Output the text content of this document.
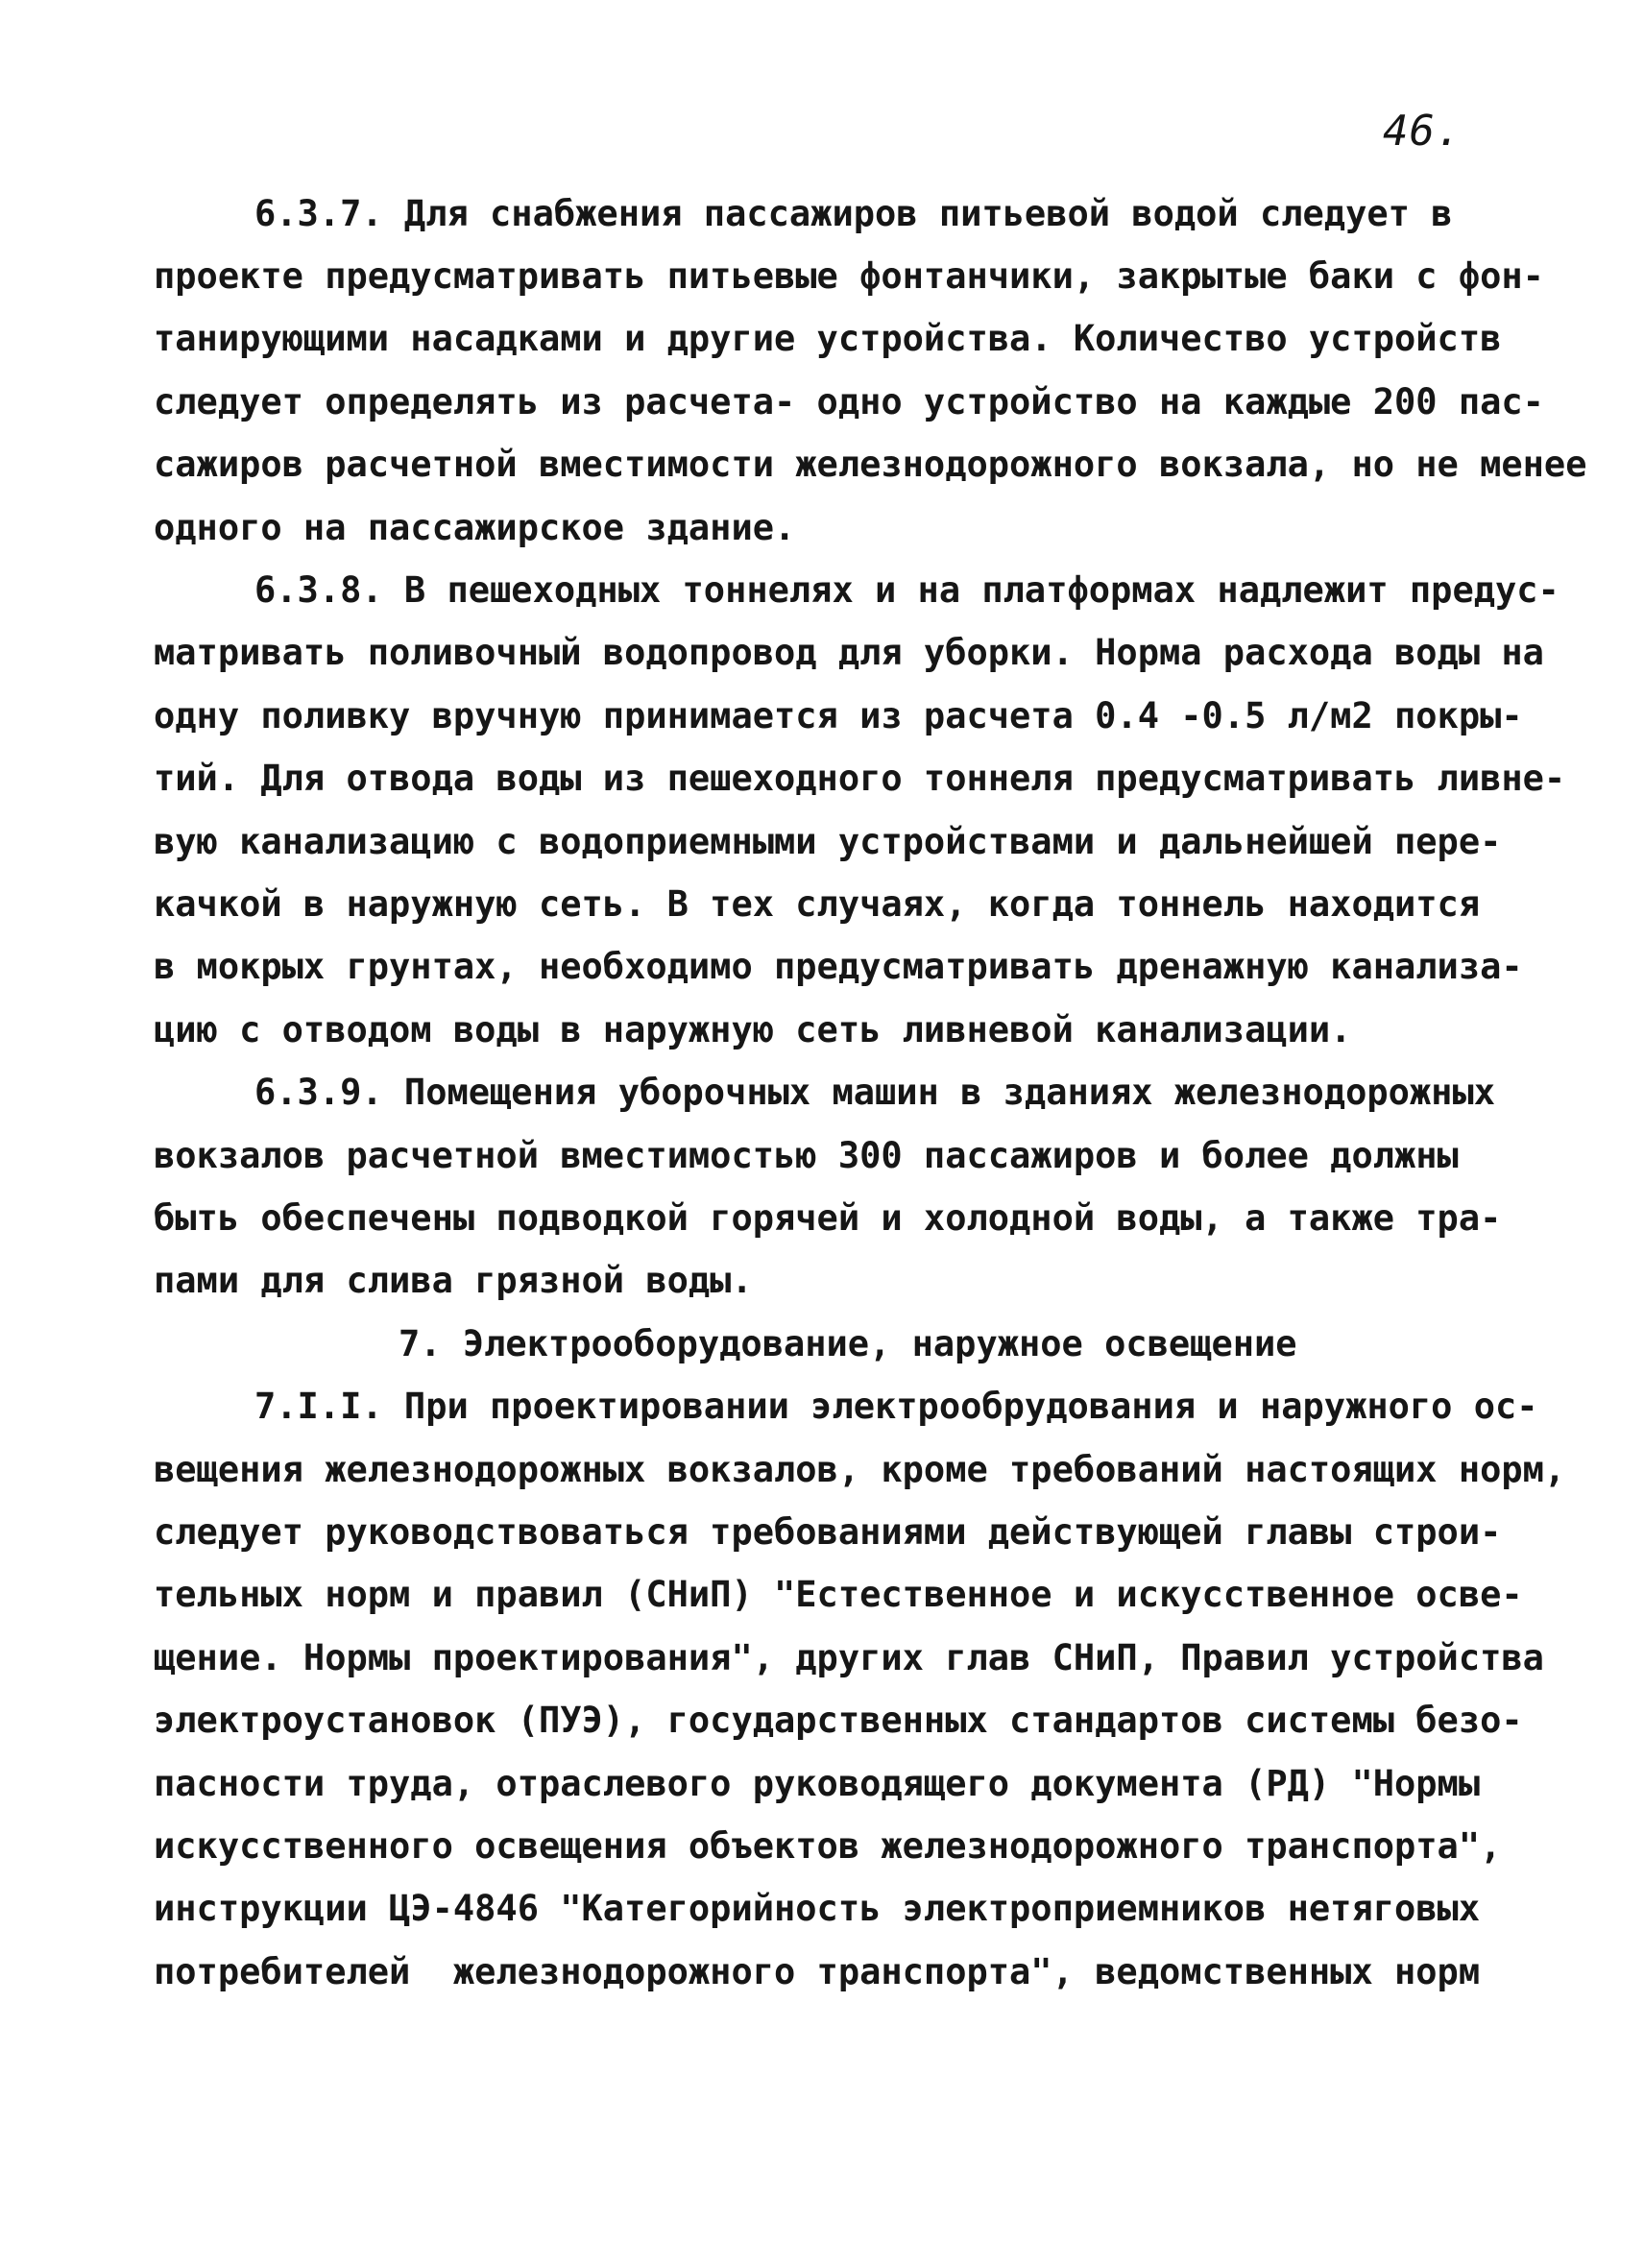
46.
6.3.7. Для снабжения пассажиров питьевой водой следует в
проекте предусматривать питьевые фонтанчики, закрытые баки с фон-
танирующими насадками и другие устройства. Количество устройств
следует определять из расчета- одно устройство на каждые 200 пас-
сажиров расчетной вместимости железнодорожного вокзала, но не менее
одного на пассажирское здание.
6.3.8. В пешеходных тоннелях и на платформах надлежит предус-
матривать поливочный водопровод для уборки. Норма расхода воды на
одну поливку вручную принимается из расчета 0.4 -0.5 л/м2 покры-
тий. Для отвода воды из пешеходного тоннеля предусматривать ливне-
вую канализацию с водоприемными устройствами и дальнейшей пере-
качкой в наружную сеть. В тех случаях, когда тоннель находится
в мокрых грунтах, необходимо предусматривать дренажную канализа-
цию с отводом воды в наружную сеть ливневой канализации.
6.3.9. Помещения уборочных машин в зданиях железнодорожных
вокзалов расчетной вместимостью 300 пассажиров и более должны
быть обеспечены подводкой горячей и холодной воды, а также тра-
пами для слива грязной воды.
7. Электрооборудование, наружное освещение
7.I.I. При проектировании электрообрудования и наружного ос-
вещения железнодорожных вокзалов, кроме требований настоящих норм,
следует руководствоваться требованиями действующей главы строи-
тельных норм и правил (СНиП) "Естественное и искусственное осве-
щение. Нормы проектирования", других глав СНиП, Правил устройства
электроустановок (ПУЭ), государственных стандартов системы безо-
пасности труда, отраслевого руководящего документа (РД) "Нормы
искусственного освещения объектов железнодорожного транспорта",
инструкции ЦЭ-4846 "Категорийность электроприемников нетяговых
потребителей  железнодорожного транспорта", ведомственных норм
